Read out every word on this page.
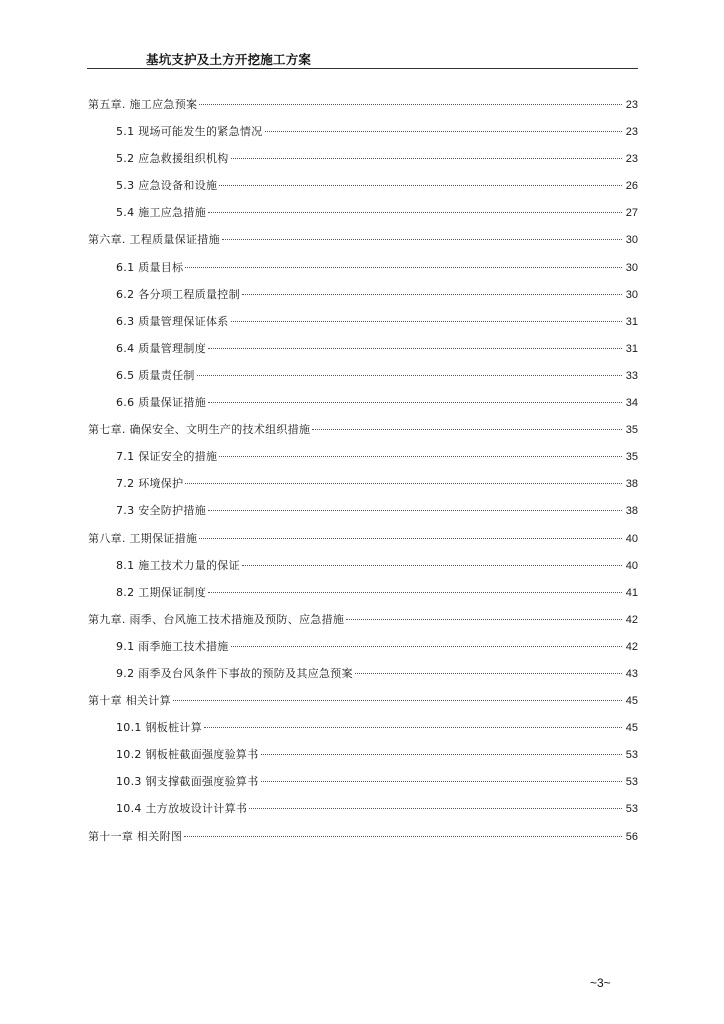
基坑支护及土方开挖施工方案
第五章. 施工应急预案	23
5.1 现场可能发生的紧急情况	23
5.2 应急救援组织机构	23
5.3 应急设备和设施	26
5.4 施工应急措施	27
第六章. 工程质量保证措施	30
6.1 质量目标	30
6.2 各分项工程质量控制	30
6.3 质量管理保证体系	31
6.4 质量管理制度	31
6.5 质量责任制	33
6.6 质量保证措施	34
第七章. 确保安全、文明生产的技术组织措施	35
7.1 保证安全的措施	35
7.2 环境保护	38
7.3 安全防护措施	38
第八章. 工期保证措施	40
8.1 施工技术力量的保证	40
8.2 工期保证制度	41
第九章. 雨季、台风施工技术措施及预防、应急措施	42
9.1 雨季施工技术措施	42
9.2 雨季及台风条件下事故的预防及其应急预案	43
第十章 相关计算	45
10.1 钢板桩计算	45
10.2 钢板桩截面强度验算书	53
10.3 钢支撑截面强度验算书	53
10.4 土方放坡设计计算书	53
第十一章 相关附图	56
~3~
